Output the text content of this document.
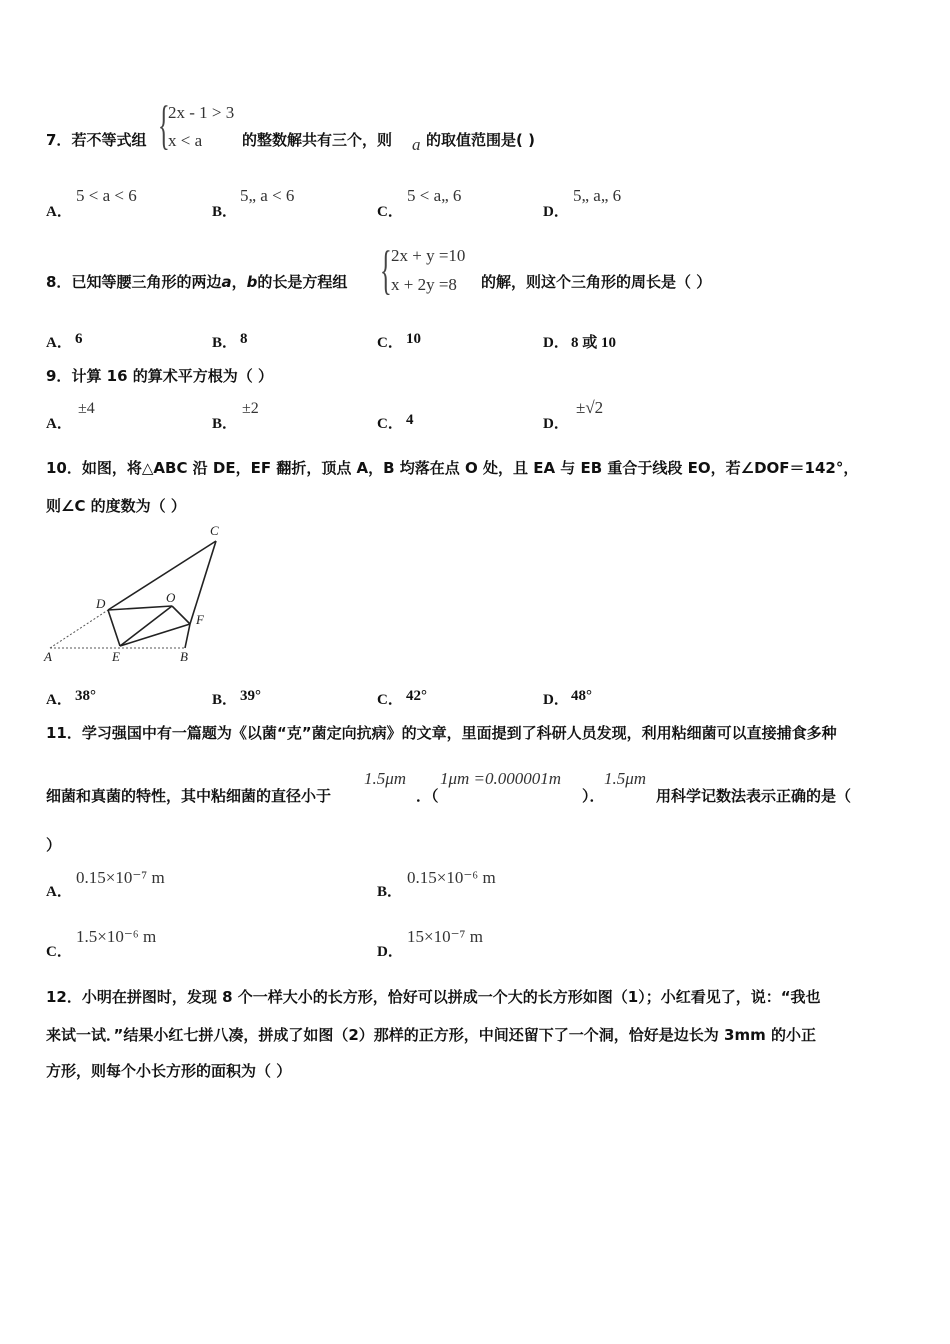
7．若不等式组 {
2x - 1 > 3
x < a	的整数解共有三个，则 a 的取值范围是( )
A．
5 < a < 6
B．
5„ a < 6
C．
5 < a„ 6
D．
5„ a„ 6
8．已知等腰三角形的两边a，b的长是方程组 { 2x + y =10
x + 2y =8 的解，则这个三角形的周长是（ ）
A． 6	B． 8	C． 10	D． 8 或 10
9．计算 16 的算术平方根为（ ）
A．
±4
B．
±2
C． 4	D．
±√2
10．如图，将△ABC 沿 DE，EF 翻折，顶点 A，B 均落在点 O 处，且 EA 与 EB 重合于线段 EO，若∠DOF＝142°，
则∠C 的度数为（ ）
C
D	O
F
A	E	B
A． 38°	B． 39°	C． 42°	D． 48°
11．学习强国中有一篇题为《以菌“克”菌定向抗病》的文章，里面提到了科研人员发现，利用粘细菌可以直接捕食多种
细菌和真菌的特性，其中粘细菌的直径小于
1.5μm
．（
1μm =0.000001m
）．
1.5μm
用科学记数法表示正确的是（
）
A．
0.15×10⁻⁷ m
B．
0.15×10⁻⁶ m
C．
1.5×10⁻⁶ m
D．
15×10⁻⁷ m
12．小明在拼图时，发现 8 个一样大小的长方形，恰好可以拼成一个大的长方形如图（1）；小红看见了，说：“我也
来试一试．”结果小红七拼八凑，拼成了如图（2）那样的正方形，中间还留下了一个洞，恰好是边长为 3mm 的小正
方形，则每个小长方形的面积为（ ）
